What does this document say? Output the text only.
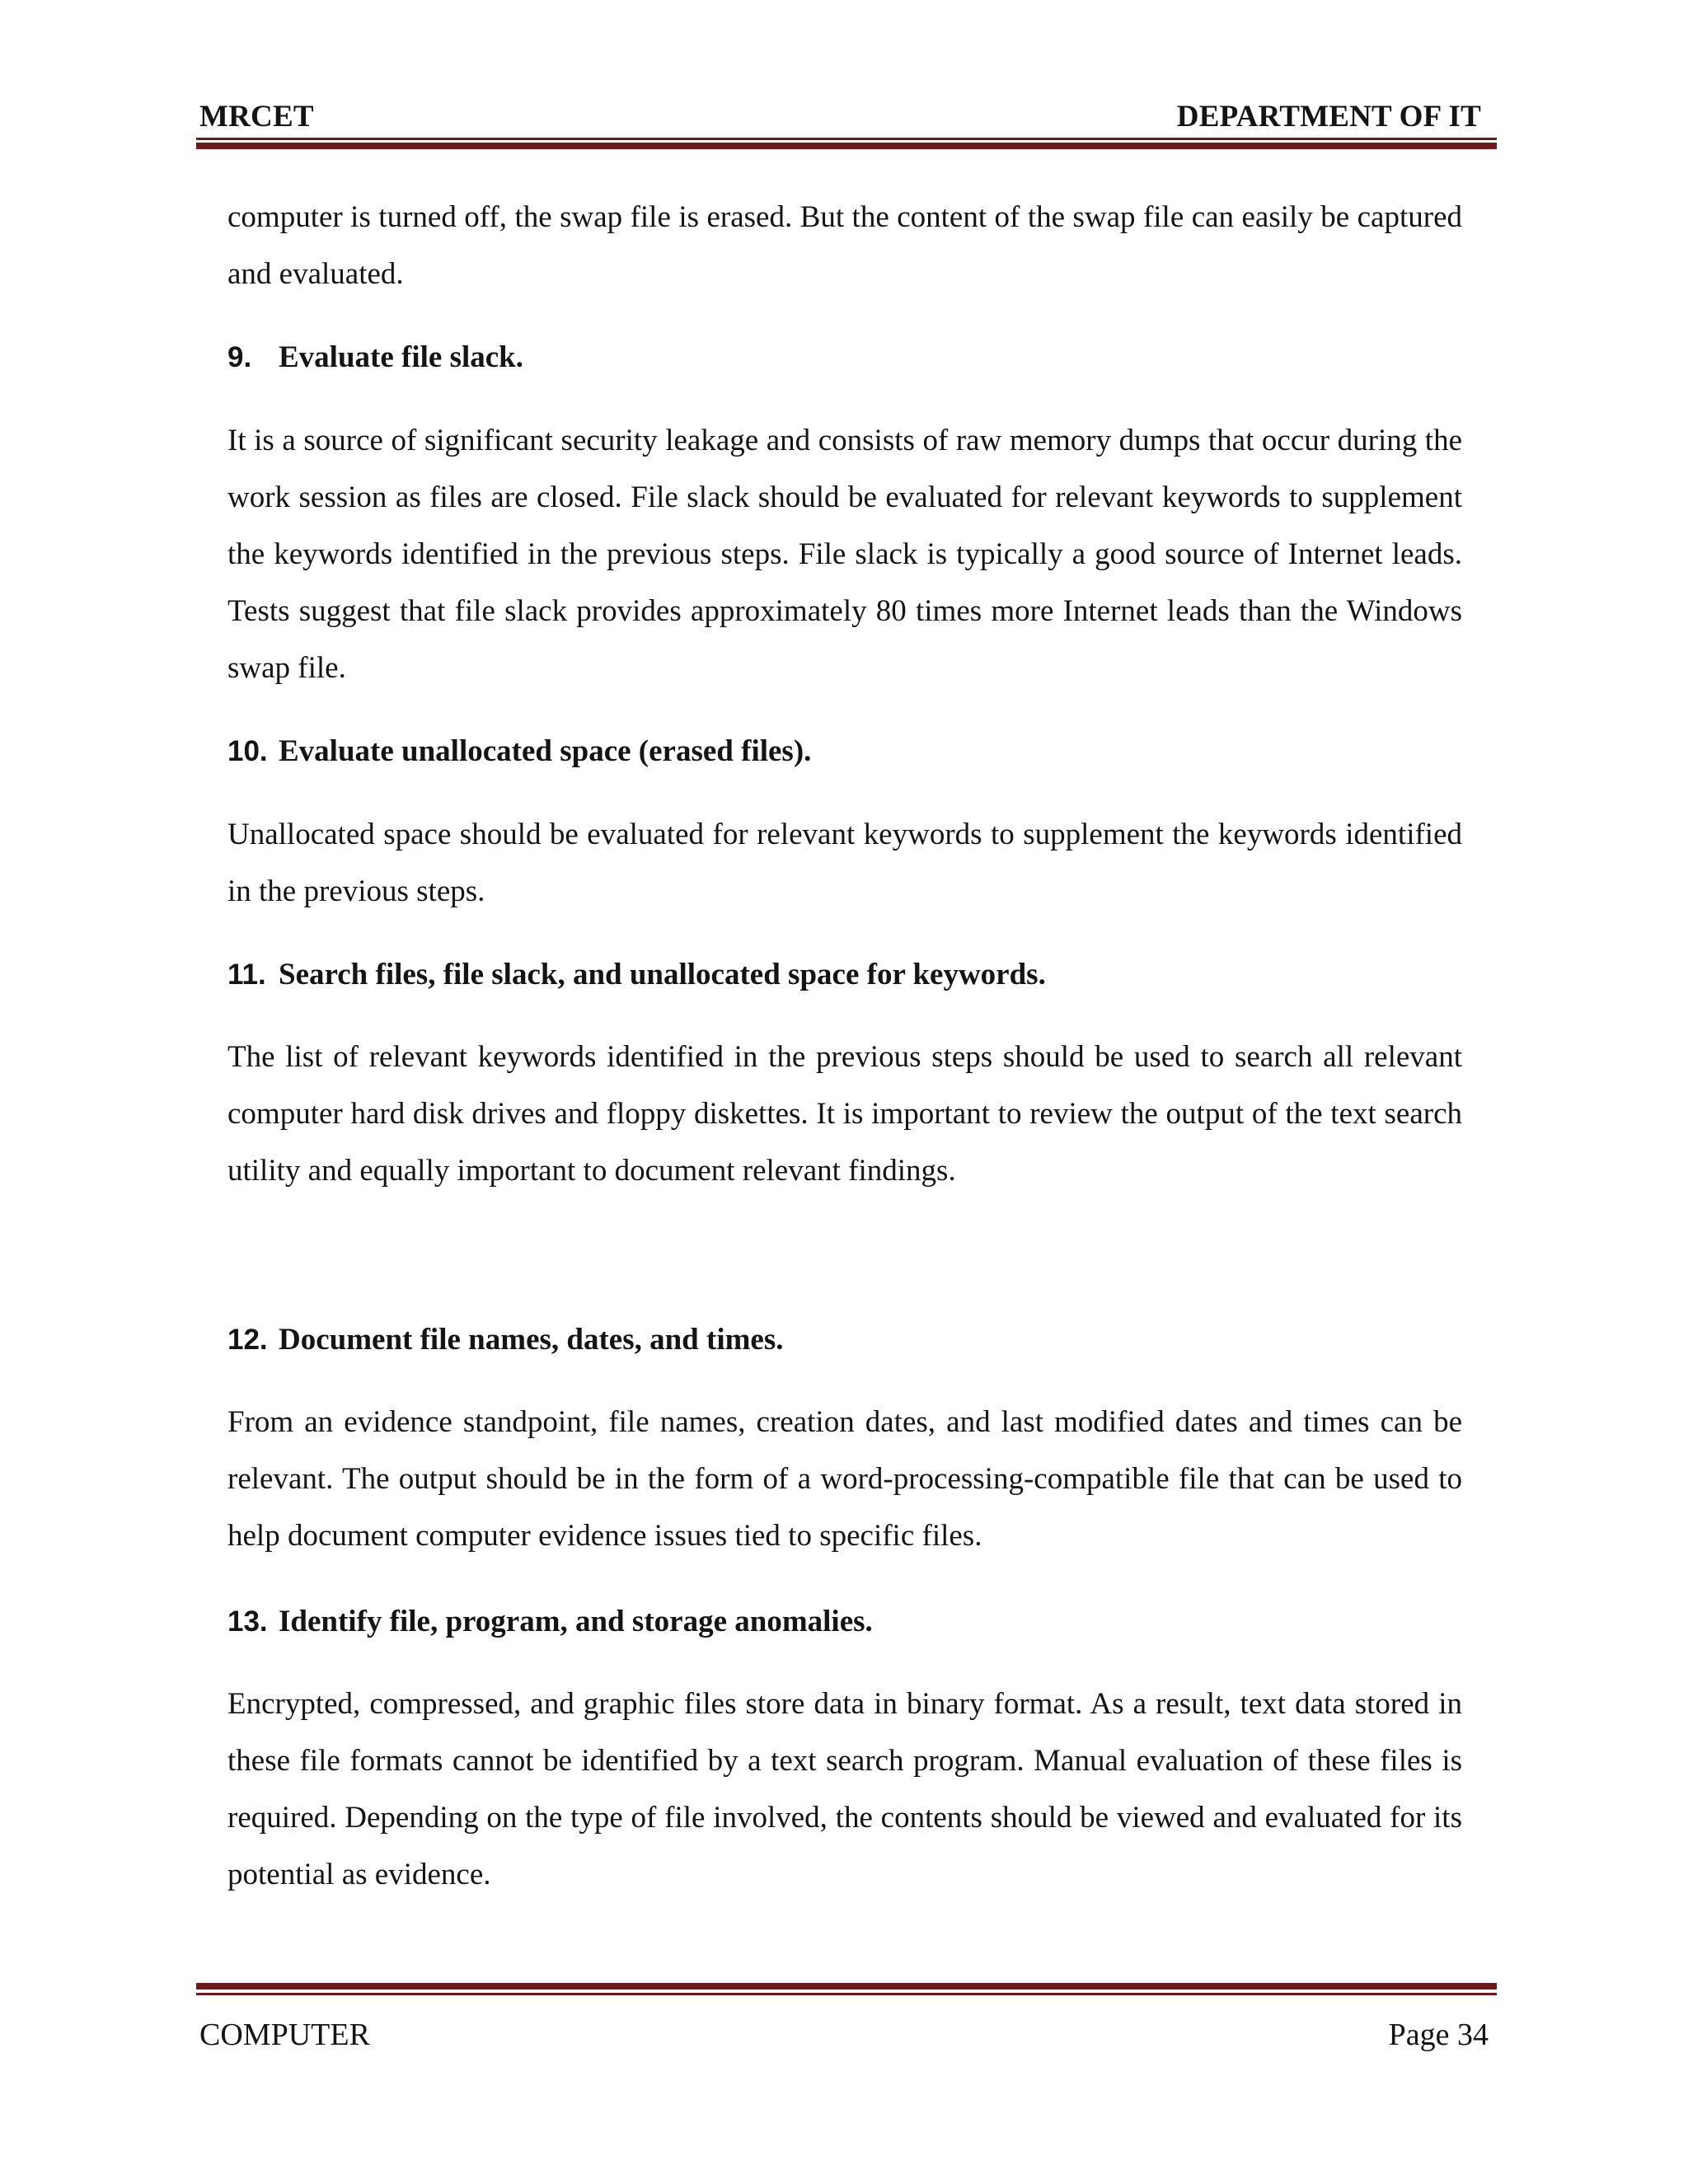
MRCET	DEPARTMENT OF IT

computer is turned off, the swap file is erased. But the content of the swap file can easily be captured and evaluated.

9. Evaluate file slack.

It is a source of significant security leakage and consists of raw memory dumps that occur during the work session as files are closed. File slack should be evaluated for relevant keywords to supplement the keywords identified in the previous steps. File slack is typically a good source of Internet leads. Tests suggest that file slack provides approximately 80 times more Internet leads than the Windows swap file.

10. Evaluate unallocated space (erased files).

Unallocated space should be evaluated for relevant keywords to supplement the keywords identified in the previous steps.

11. Search files, file slack, and unallocated space for keywords.

The list of relevant keywords identified in the previous steps should be used to search all relevant computer hard disk drives and floppy diskettes. It is important to review the output of the text search utility and equally important to document relevant findings.

12. Document file names, dates, and times.

From an evidence standpoint, file names, creation dates, and last modified dates and times can be relevant. The output should be in the form of a word-processing-compatible file that can be used to help document computer evidence issues tied to specific files.

13. Identify file, program, and storage anomalies.

Encrypted, compressed, and graphic files store data in binary format. As a result, text data stored in these file formats cannot be identified by a text search program. Manual evaluation of these files is required. Depending on the type of file involved, the contents should be viewed and evaluated for its potential as evidence.

COMPUTER	Page 34
